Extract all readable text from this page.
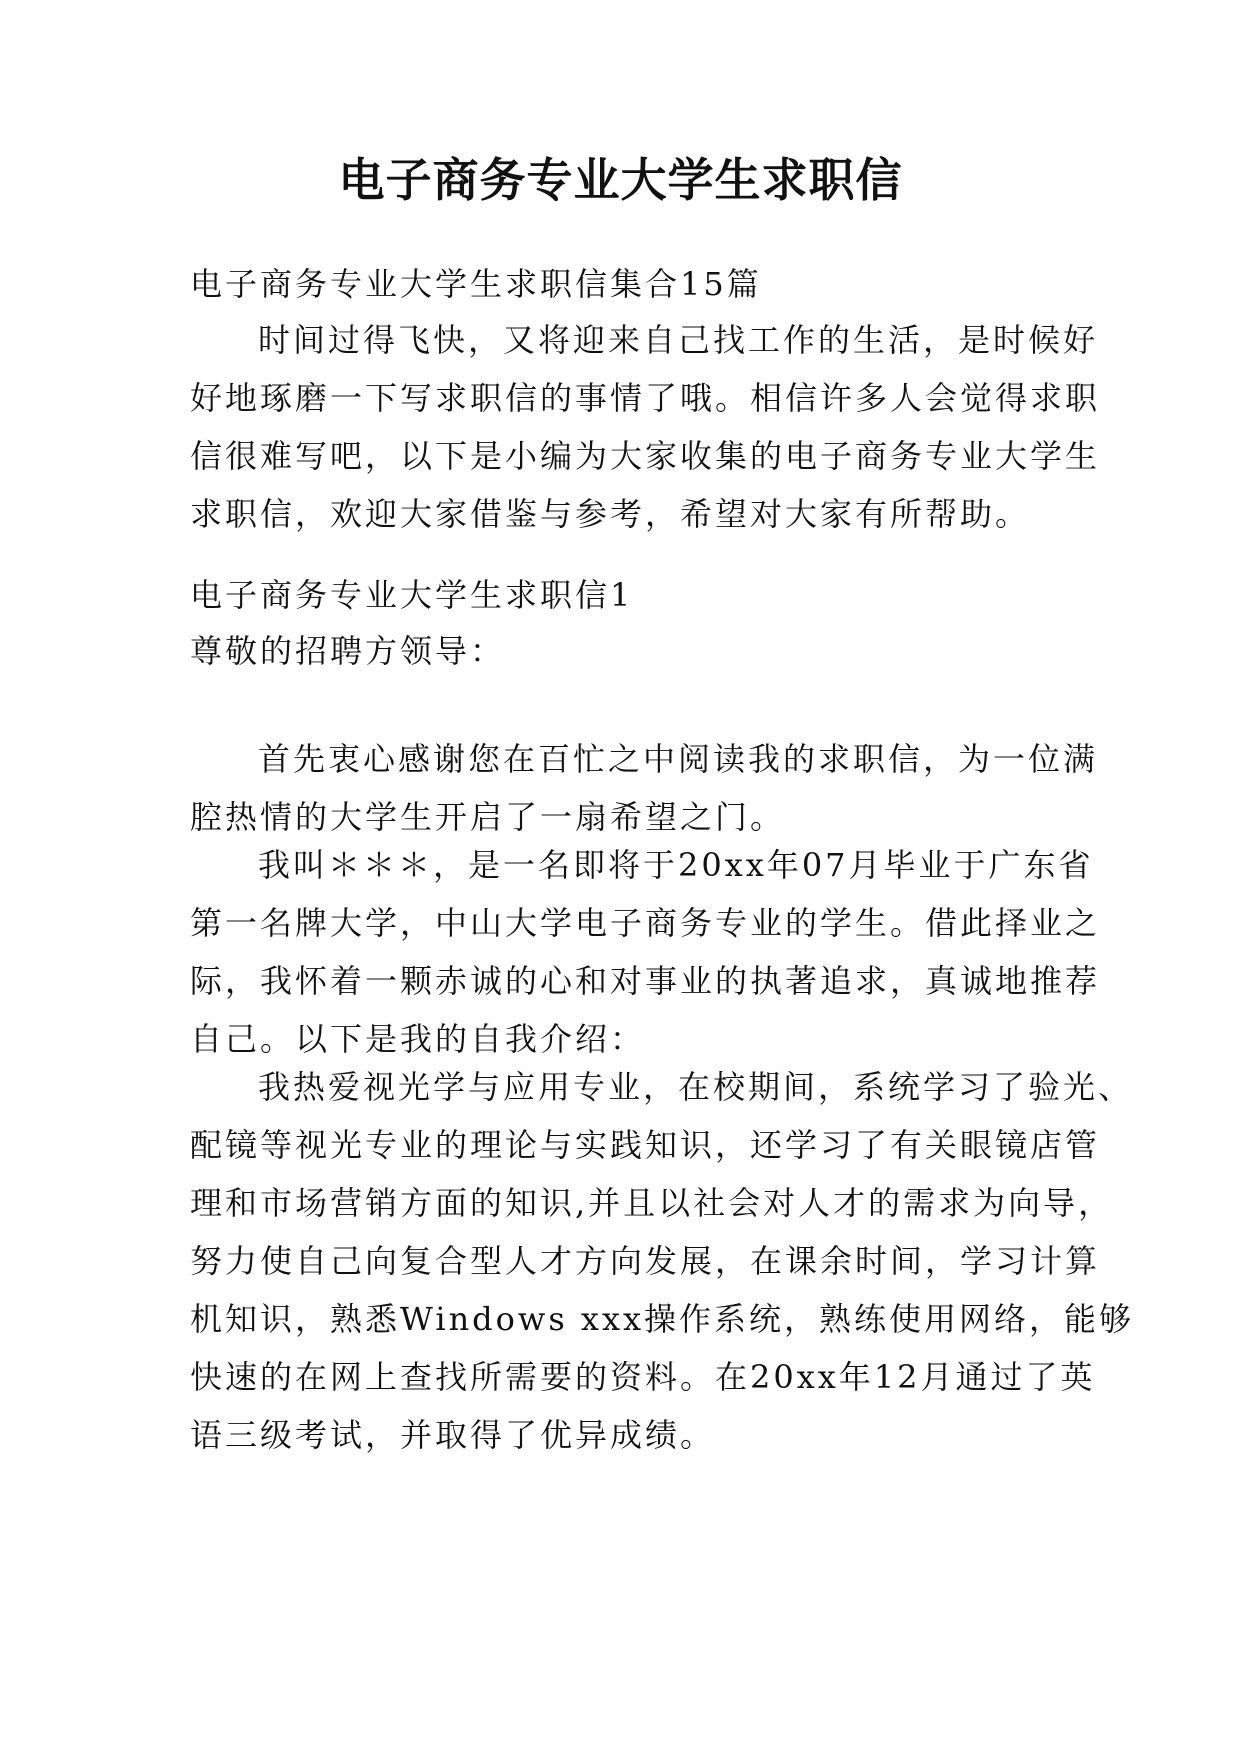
电子商务专业大学生求职信

电子商务专业大学生求职信集合15篇

时间过得飞快，又将迎来自己找工作的生活，是时候好
好地琢磨一下写求职信的事情了哦。相信许多人会觉得求职
信很难写吧，以下是小编为大家收集的电子商务专业大学生
求职信，欢迎大家借鉴与参考，希望对大家有所帮助。

电子商务专业大学生求职信1

尊敬的招聘方领导：

首先衷心感谢您在百忙之中阅读我的求职信，为一位满
腔热情的大学生开启了一扇希望之门。

我叫＊＊＊，是一名即将于20xx年07月毕业于广东省
第一名牌大学，中山大学电子商务专业的学生。借此择业之
际，我怀着一颗赤诚的心和对事业的执著追求，真诚地推荐
自己。以下是我的自我介绍：

我热爱视光学与应用专业，在校期间，系统学习了验光、
配镜等视光专业的理论与实践知识，还学习了有关眼镜店管
理和市场营销方面的知识,并且以社会对人才的需求为向导，
努力使自己向复合型人才方向发展，在课余时间，学习计算
机知识，熟悉Windows xxx操作系统，熟练使用网络，能够
快速的在网上查找所需要的资料。在20xx年12月通过了英
语三级考试，并取得了优异成绩。
